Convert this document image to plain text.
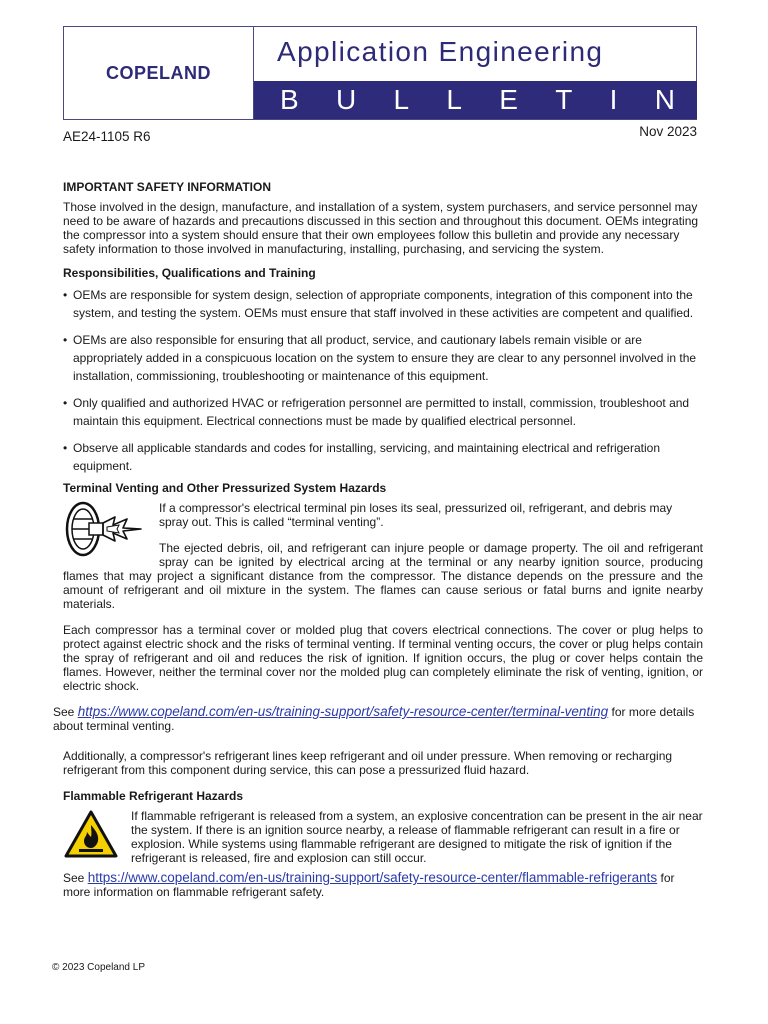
COPELAND
Application Engineering
B U L L E T I N
AE24-1105 R6	Nov 2023
IMPORTANT SAFETY INFORMATION

Those involved in the design, manufacture, and installation of a system, system purchasers, and service personnel may need to be aware of hazards and precautions discussed in this section and throughout this document. OEMs integrating the compressor into a system should ensure that their own employees follow this bulletin and provide any necessary safety information to those involved in manufacturing, installing, purchasing, and servicing the system.

Responsibilities, Qualifications and Training
• OEMs are responsible for system design, selection of appropriate components, integration of this component into the system, and testing the system. OEMs must ensure that staff involved in these activities are competent and qualified.
• OEMs are also responsible for ensuring that all product, service, and cautionary labels remain visible or are appropriately added in a conspicuous location on the system to ensure they are clear to any personnel involved in the installation, commissioning, troubleshooting or maintenance of this equipment.
• Only qualified and authorized HVAC or refrigeration personnel are permitted to install, commission, troubleshoot and maintain this equipment. Electrical connections must be made by qualified electrical personnel.
• Observe all applicable standards and codes for installing, servicing, and maintaining electrical and refrigeration equipment.
Terminal Venting and Other Pressurized System Hazards

If a compressor's electrical terminal pin loses its seal, pressurized oil, refrigerant, and debris may spray out. This is called “terminal venting”.

The ejected debris, oil, and refrigerant can injure people or damage property. The oil and refrigerant spray can be ignited by electrical arcing at the terminal or any nearby ignition source, producing flames that may project a significant distance from the compressor. The distance depends on the pressure and the amount of refrigerant and oil mixture in the system. The flames can cause serious or fatal burns and ignite nearby materials.

Each compressor has a terminal cover or molded plug that covers electrical connections. The cover or plug helps to protect against electric shock and the risks of terminal venting. If terminal venting occurs, the cover or plug helps contain the spray of refrigerant and oil and reduces the risk of ignition. If ignition occurs, the plug or cover helps contain the flames. However, neither the terminal cover nor the molded plug can completely eliminate the risk of venting, ignition, or electric shock.

See https://www.copeland.com/en-us/training-support/safety-resource-center/terminal-venting for more details about terminal venting.

Additionally, a compressor's refrigerant lines keep refrigerant and oil under pressure. When removing or recharging refrigerant from this component during service, this can pose a pressurized fluid hazard.

Flammable Refrigerant Hazards

If flammable refrigerant is released from a system, an explosive concentration can be present in the air near the system. If there is an ignition source nearby, a release of flammable refrigerant can result in a fire or explosion. While systems using flammable refrigerant are designed to mitigate the risk of ignition if the refrigerant is released, fire and explosion can still occur.

See https://www.copeland.com/en-us/training-support/safety-resource-center/flammable-refrigerants for more information on flammable refrigerant safety.

© 2023 Copeland LP
